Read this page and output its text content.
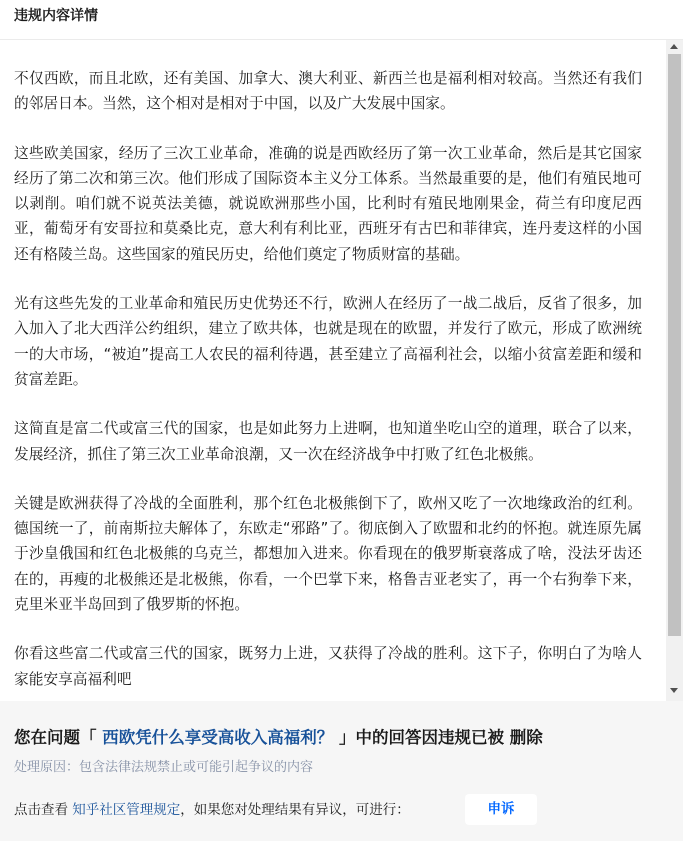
违规内容详情

不仅西欧，而且北欧，还有美国、加拿大、澳大利亚、新西兰也是福利相对较高。当然还有我们的邻居日本。当然，这个相对是相对于中国，以及广大发展中国家。

这些欧美国家，经历了三次工业革命，准确的说是西欧经历了第一次工业革命，然后是其它国家经历了第二次和第三次。他们形成了国际资本主义分工体系。当然最重要的是，他们有殖民地可以剥削。咱们就不说英法美德，就说欧洲那些小国，比利时有殖民地刚果金，荷兰有印度尼西亚，葡萄牙有安哥拉和莫桑比克，意大利有利比亚，西班牙有古巴和菲律宾，连丹麦这样的小国还有格陵兰岛。这些国家的殖民历史，给他们奠定了物质财富的基础。

光有这些先发的工业革命和殖民历史优势还不行，欧洲人在经历了一战二战后，反省了很多，加入加入了北大西洋公约组织，建立了欧共体，也就是现在的欧盟，并发行了欧元，形成了欧洲统一的大市场，“被迫”提高工人农民的福利待遇，甚至建立了高福利社会，以缩小贫富差距和缓和贫富差距。

这简直是富二代或富三代的国家，也是如此努力上进啊，也知道坐吃山空的道理，联合了以来，发展经济，抓住了第三次工业革命浪潮，又一次在经济战争中打败了红色北极熊。

关键是欧洲获得了冷战的全面胜利，那个红色北极熊倒下了，欧州又吃了一次地缘政治的红利。德国统一了，前南斯拉夫解体了，东欧走“邪路”了。彻底倒入了欧盟和北约的怀抱。就连原先属于沙皇俄国和红色北极熊的乌克兰，都想加入进来。你看现在的俄罗斯衰落成了啥，没法牙齿还在的，再瘦的北极熊还是北极熊，你看，一个巴掌下来，格鲁吉亚老实了，再一个右狗拳下来，克里米亚半岛回到了俄罗斯的怀抱。

你看这些富二代或富三代的国家，既努力上进，又获得了冷战的胜利。这下子，你明白了为啥人家能安享高福利吧

您在问题「 西欧凭什么享受高收入高福利？ 」中的回答因违规已被 删除
处理原因：包含法律法规禁止或可能引起争议的内容
点击查看 知乎社区管理规定，如果您对处理结果有异议，可进行：	申诉
